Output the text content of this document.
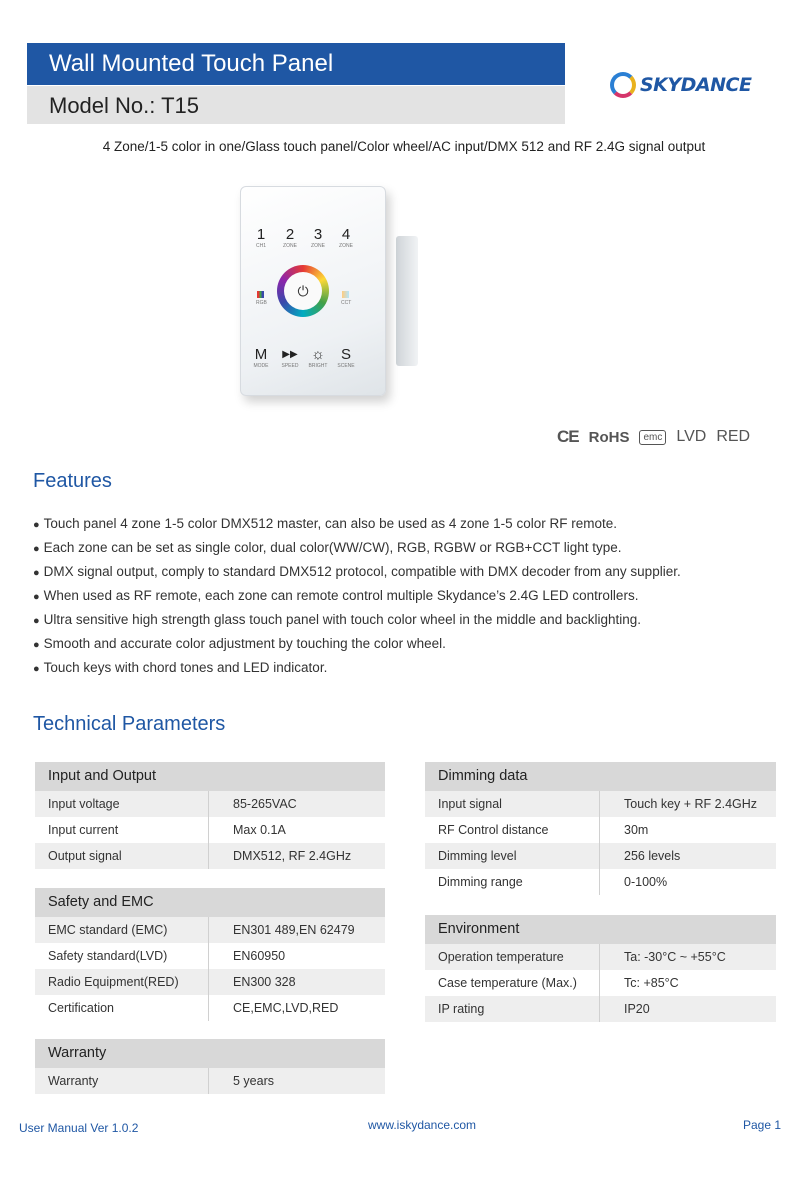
Wall Mounted Touch Panel
Model No.: T15
SKYDANCE
4 Zone/1-5 color in one/Glass touch panel/Color wheel/AC input/DMX 512 and RF 2.4G signal output
1
CH1
2
ZONE
3
ZONE
4
ZONE
RGB	CCT
⏻
M
MODE
▶▶
SPEED
☼
BRIGHT
S
SCENE
CE RoHS	emc LVD RED
Features
● Touch panel 4 zone 1-5 color DMX512 master, can also be used as 4 zone 1-5 color RF remote.
● Each zone can be set as single color, dual color(WW/CW), RGB, RGBW or RGB+CCT light type.
● DMX signal output, comply to standard DMX512 protocol, compatible with DMX decoder from any supplier.
● When used as RF remote, each zone can remote control multiple Skydance’s 2.4G LED controllers.
● Ultra sensitive high strength glass touch panel with touch color wheel in the middle and backlighting.
● Smooth and accurate color adjustment by touching the color wheel.
● Touch keys with chord tones and LED indicator.
Technical Parameters
Input and Output
Input voltage	85-265VAC
Input current	Max 0.1A
Output signal	DMX512, RF 2.4GHz
Safety and EMC
EMC standard (EMC)	EN301 489,EN 62479
Safety standard(LVD)	EN60950
Radio Equipment(RED)	EN300 328
Certification	CE,EMC,LVD,RED
Warranty
Warranty	5 years
Dimming data
Input signal	Touch key + RF 2.4GHz
RF Control distance	30m
Dimming level	256 levels
Dimming range	0-100%
Environment
Operation temperature	Ta: -30°C ~ +55°C
Case temperature (Max.)	Tc: +85°C
IP rating	IP20
User Manual Ver 1.0.2	www.iskydance.com	Page 1
